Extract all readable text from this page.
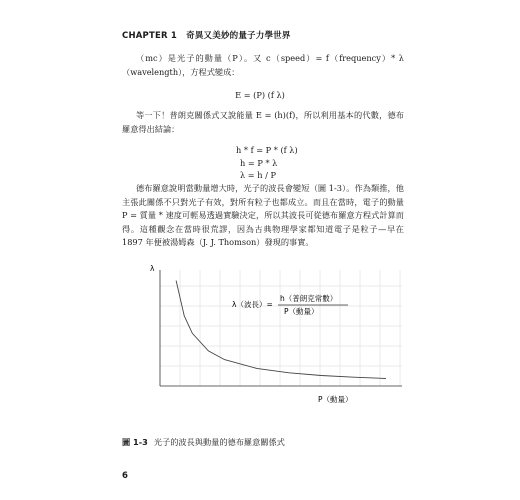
CHAPTER 1 奇異又美妙的量子力學世界
（mc）是光子的動量（P）。又 c（speed）= f（frequency）* λ（wavelength），方程式變成：
E = (P) (f λ)
等一下！普朗克關係式又說能量 E = (h)(f)，所以利用基本的代數，德布羅意得出結論：
h * f = P * (f λ)
h = P * λ
λ = h / P
德布羅意說明當動量增大時，光子的波長會變短（圖 1-3）。作為類推，他主張此關係不只對光子有效，對所有粒子也都成立。而且在當時，電子的動量 P = 質量 * 速度可輕易透過實驗決定，所以其波長可從德布羅意方程式計算而得。這種觀念在當時很荒謬，因為古典物理學家都知道電子是粒子—早在 1897 年便被湯姆森（J. J. Thomson）發現的事實。
λ
P（動量）
λ（波長）=
h（普朗克常數）
P（動量）
圖 1-3 光子的波長與動量的德布羅意關係式
6
